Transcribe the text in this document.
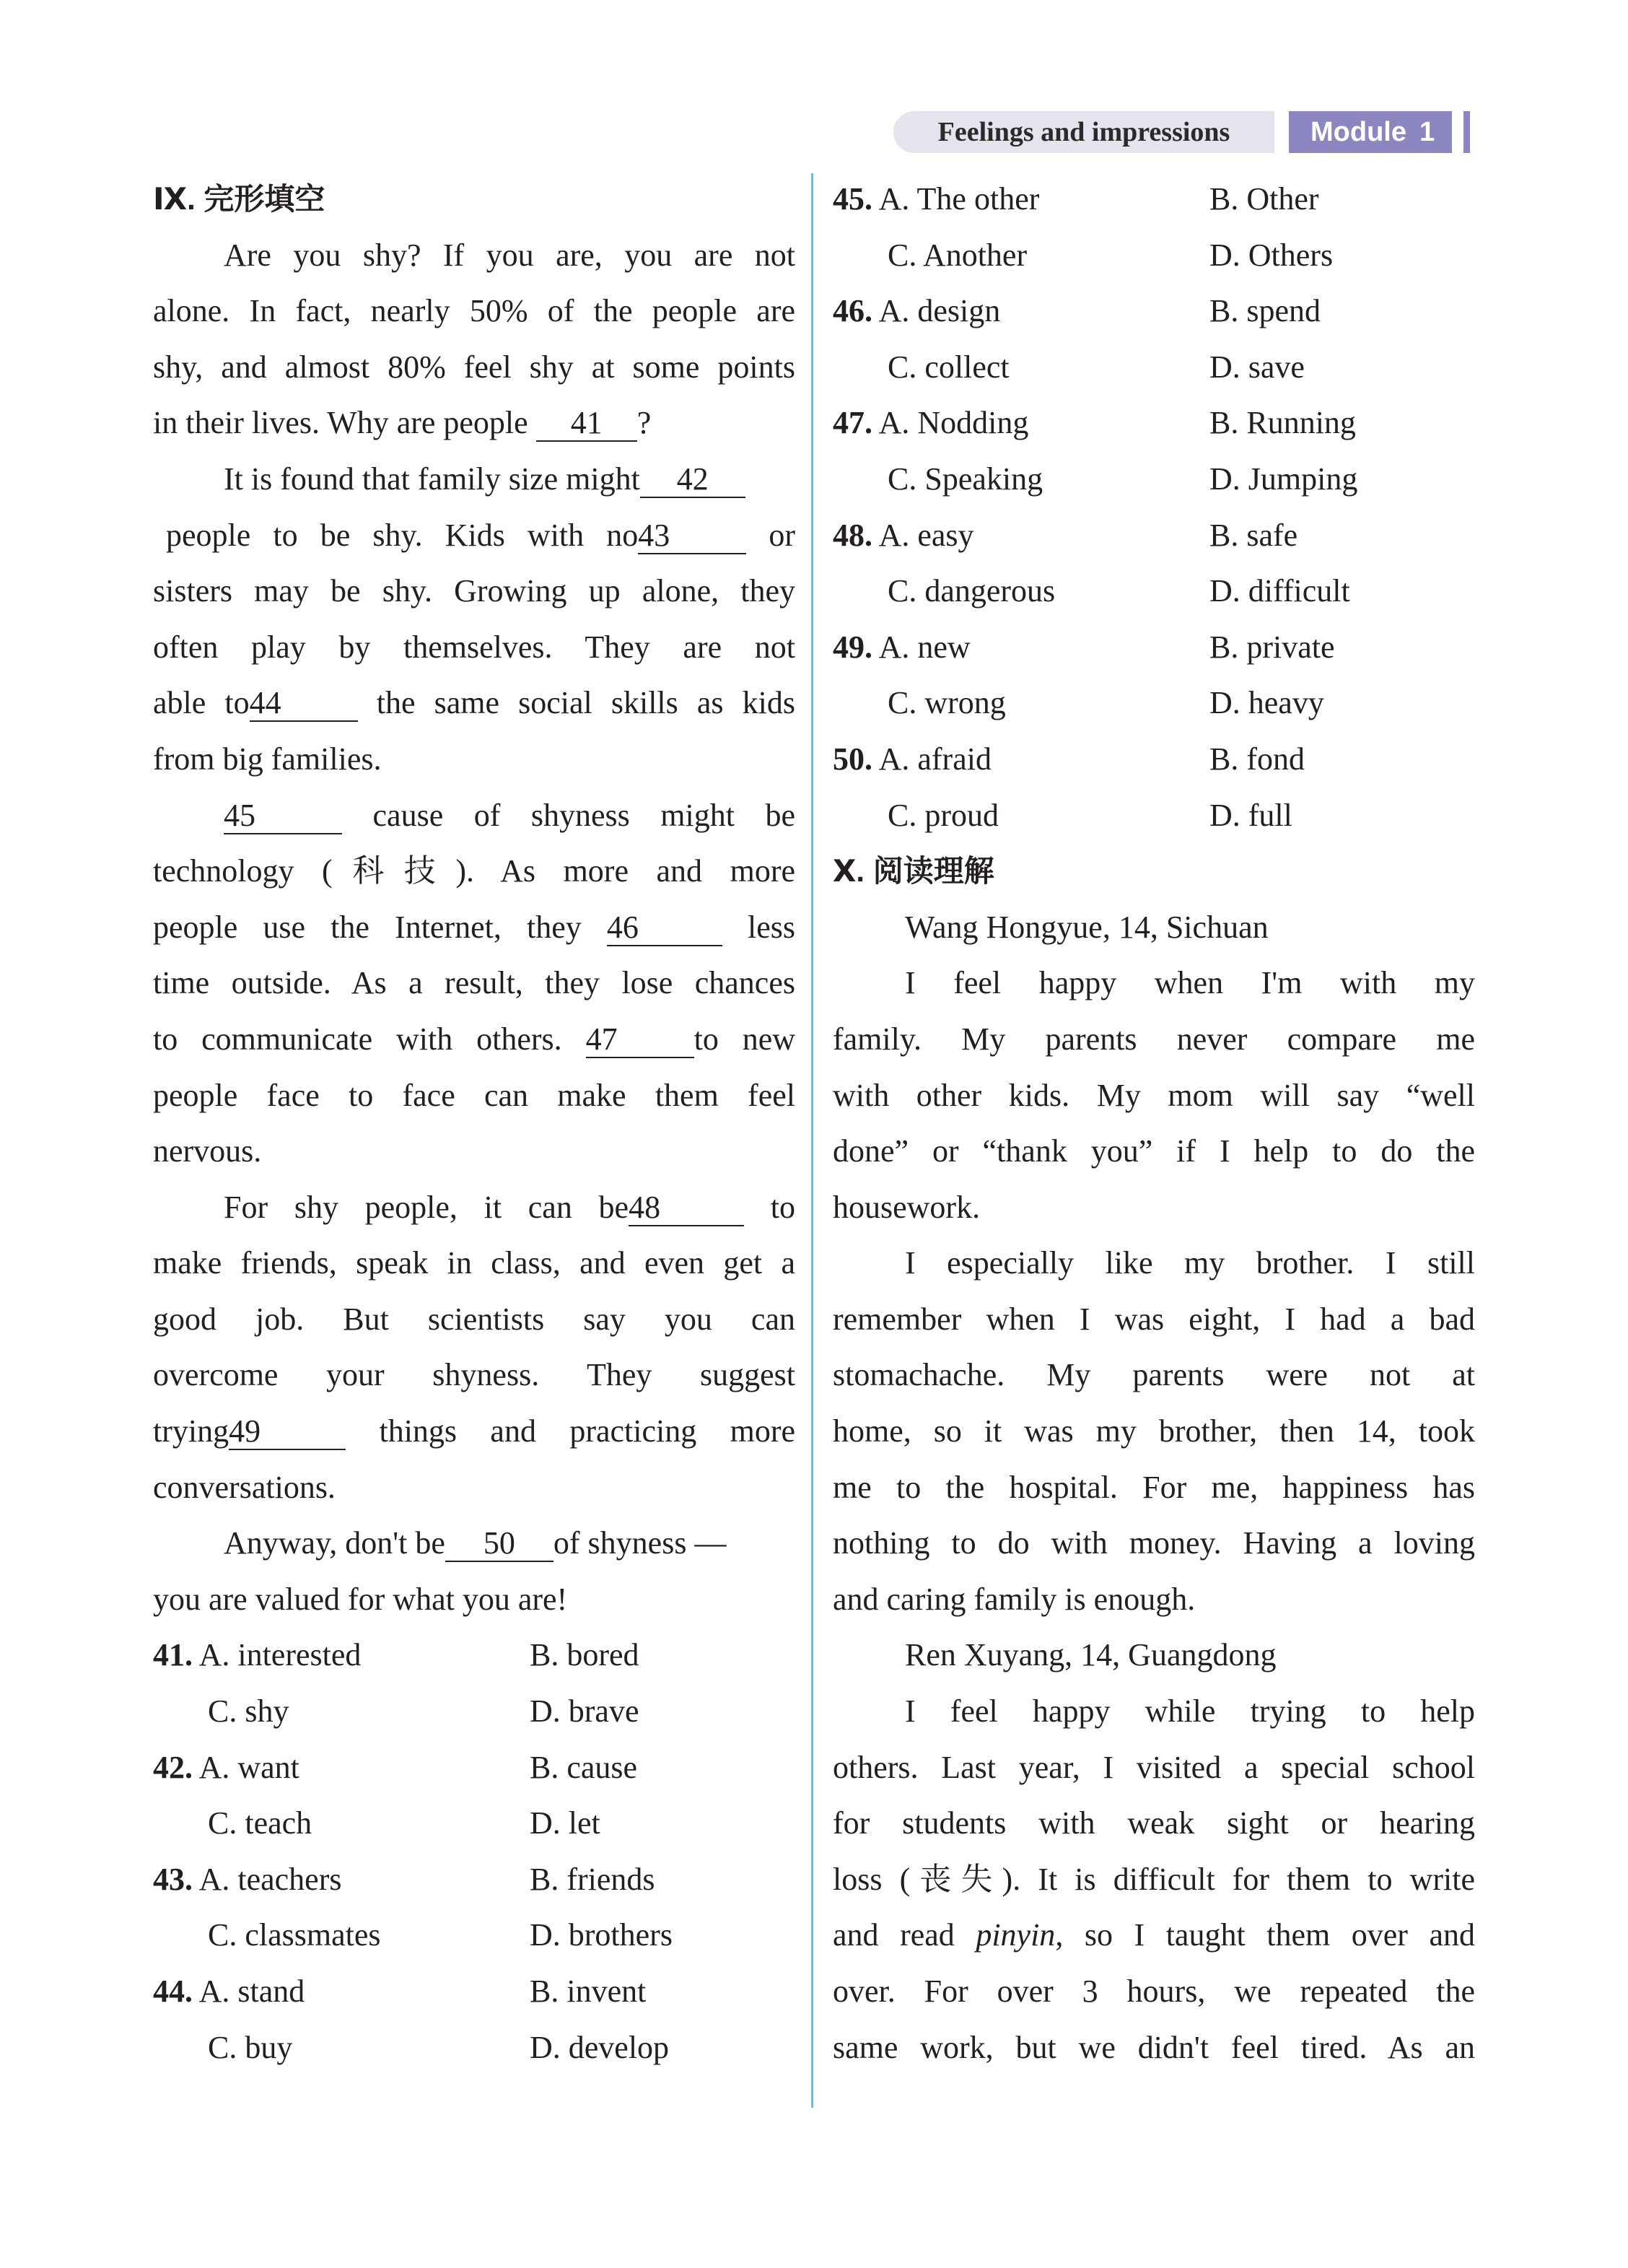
Feelings and impressions	Module 1
Ⅸ. 完形填空
Are you shy? If you are, you are not
alone. In fact, nearly 50% of the people are
shy, and almost 80% feel shy at some points
in their lives. Why are people 41 ?
It is found that family size might 42
people to be shy. Kids with no43	or
sisters may be shy. Growing up alone, they
often play by themselves. They are not
able to44	the same social skills as kids
from big families.
45	cause of shyness might be
technology (科技). As more and more
people use the Internet, they 46	less
time outside. As a result, they lose chances
to communicate with others. 47 to new
people face to face can make them feel
nervous.
For shy people, it can be48	to
make friends, speak in class, and even get a
good job. But scientists say you can
overcome your shyness. They suggest
trying49	things and practicing more
conversations.
Anyway, don't be 50 of shyness —
you are valued for what you are!
41. A. interested	B. bored
C. shy	D. brave
42. A. want	B. cause
C. teach	D. let
43. A. teachers	B. friends
C. classmates	D. brothers
44. A. stand	B. invent
C. buy	D. develop
45. A. The other	B. Other
C. Another	D. Others
46. A. design	B. spend
C. collect	D. save
47. A. Nodding	B. Running
C. Speaking	D. Jumping
48. A. easy	B. safe
C. dangerous	D. difficult
49. A. new	B. private
C. wrong	D. heavy
50. A. afraid	B. fond
C. proud	D. full
Ⅹ. 阅读理解
Wang Hongyue, 14, Sichuan
I feel happy when I'm with my
family. My parents never compare me
with other kids. My mom will say “well
done” or “thank you” if I help to do the
housework.
I especially like my brother. I still
remember when I was eight, I had a bad
stomachache. My parents were not at
home, so it was my brother, then 14, took
me to the hospital. For me, happiness has
nothing to do with money. Having a loving
and caring family is enough.
Ren Xuyang, 14, Guangdong
I feel happy while trying to help
others. Last year, I visited a special school
for students with weak sight or hearing
loss (丧失). It is difficult for them to write
and read pinyin, so I taught them over and
over. For over 3 hours, we repeated the
same work, but we didn't feel tired. As an
